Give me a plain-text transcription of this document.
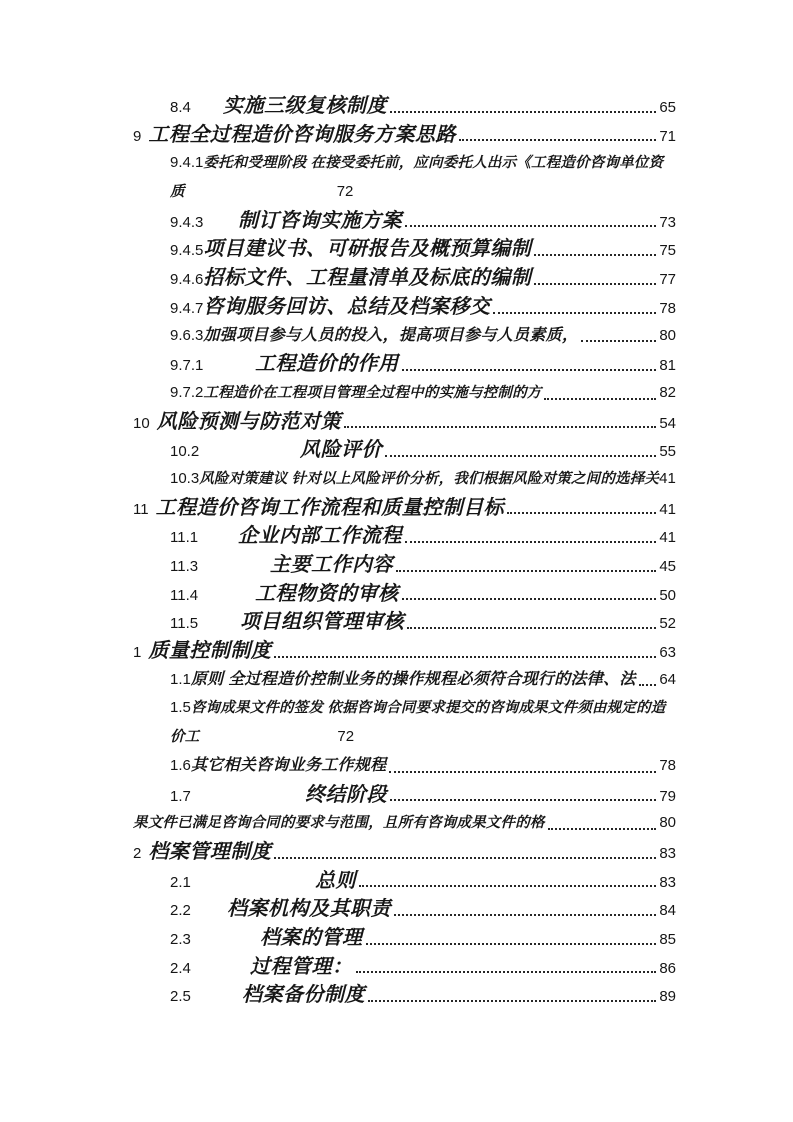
8.4	实施三级复核制度	65
9 工程全过程造价咨询服务方案思路	71
9.4.1 委托和受理阶段 在接受委托前，应向委托人出示《工程造价咨询单位资
质	72
9.4.3	制订咨询实施方案	73
9.4.5 项目建议书、可研报告及概预算编制	75
9.4.6 招标文件、工程量清单及标底的编制	77
9.4.7 咨询服务回访、总结及档案移交	78
9.6.3 加强项目参与人员的投入，提高项目参与人员素质，	80
9.7.1	工程造价的作用	81
9.7.2 工程造价在工程项目管理全过程中的实施与控制的方	82
10 风险预测与防范对策	54
10.2	风险评价	55
10.3 风险对策建议 针对以上风险评价分析，我们根据风险对策之间的选择关 41
11 工程造价咨询工作流程和质量控制目标	41
11.1	企业内部工作流程	41
11.3	主要工作内容	45
11.4	工程物资的审核	50
11.5	项目组织管理审核	52
1 质量控制制度	63
1.1 原则 全过程造价控制业务的操作规程必须符合现行的法律、法 64
1.5 咨询成果文件的签发 依据咨询合同要求提交的咨询成果文件须由规定的造
价工	72
1.6 其它相关咨询业务工作规程	78
1.7	终结阶段	79
果文件已满足咨询合同的要求与范围，且所有咨询成果文件的格	80
2 档案管理制度	83
2.1	总则	83
2.2	档案机构及其职责	84
2.3	档案的管理	85
2.4	过程管理：	86
2.5	档案备份制度	89
